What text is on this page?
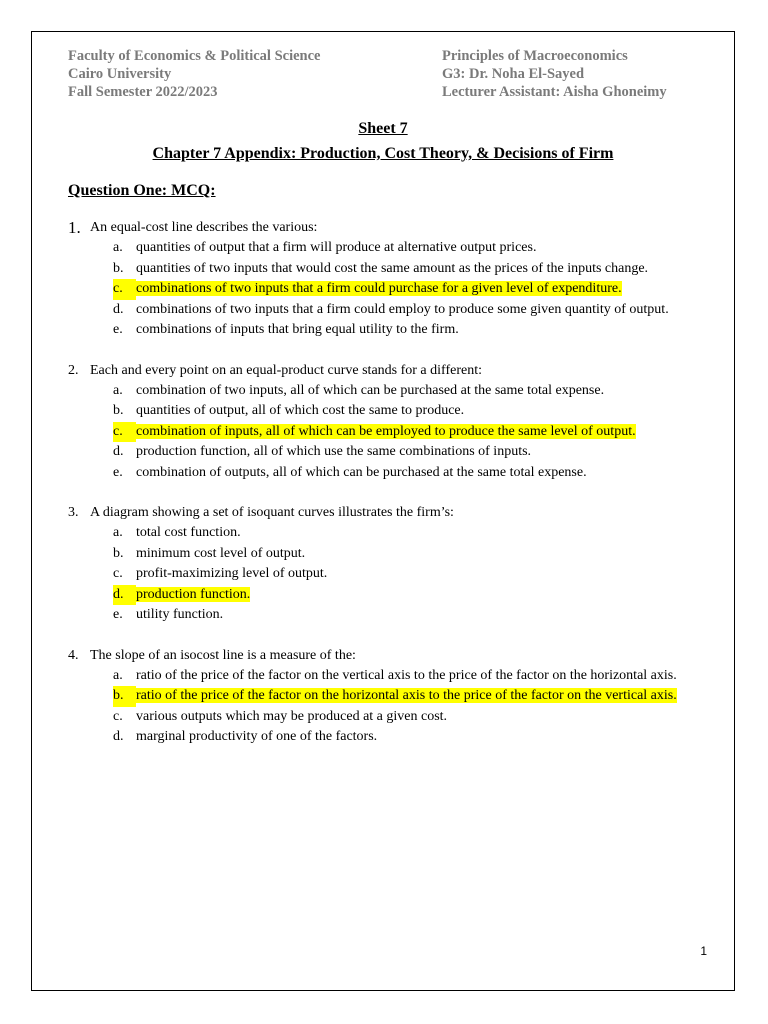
Faculty of Economics & Political Science
Cairo University
Fall Semester 2022/2023
Principles of Macroeconomics
G3: Dr. Noha El-Sayed
Lecturer Assistant: Aisha Ghoneimy
Sheet 7
Chapter 7 Appendix: Production, Cost Theory, & Decisions of Firm
Question One: MCQ:
1. An equal-cost line describes the various:
a. quantities of output that a firm will produce at alternative output prices.
b. quantities of two inputs that would cost the same amount as the prices of the inputs change.
c. combinations of two inputs that a firm could purchase for a given level of expenditure.
d. combinations of two inputs that a firm could employ to produce some given quantity of output.
e. combinations of inputs that bring equal utility to the firm.
2. Each and every point on an equal-product curve stands for a different:
a. combination of two inputs, all of which can be purchased at the same total expense.
b. quantities of output, all of which cost the same to produce.
c. combination of inputs, all of which can be employed to produce the same level of output.
d. production function, all of which use the same combinations of inputs.
e. combination of outputs, all of which can be purchased at the same total expense.
3. A diagram showing a set of isoquant curves illustrates the firm’s:
a. total cost function.
b. minimum cost level of output.
c. profit-maximizing level of output.
d. production function.
e. utility function.
4. The slope of an isocost line is a measure of the:
a. ratio of the price of the factor on the vertical axis to the price of the factor on the horizontal axis.
b. ratio of the price of the factor on the horizontal axis to the price of the factor on the vertical axis.
c. various outputs which may be produced at a given cost.
d. marginal productivity of one of the factors.
1
